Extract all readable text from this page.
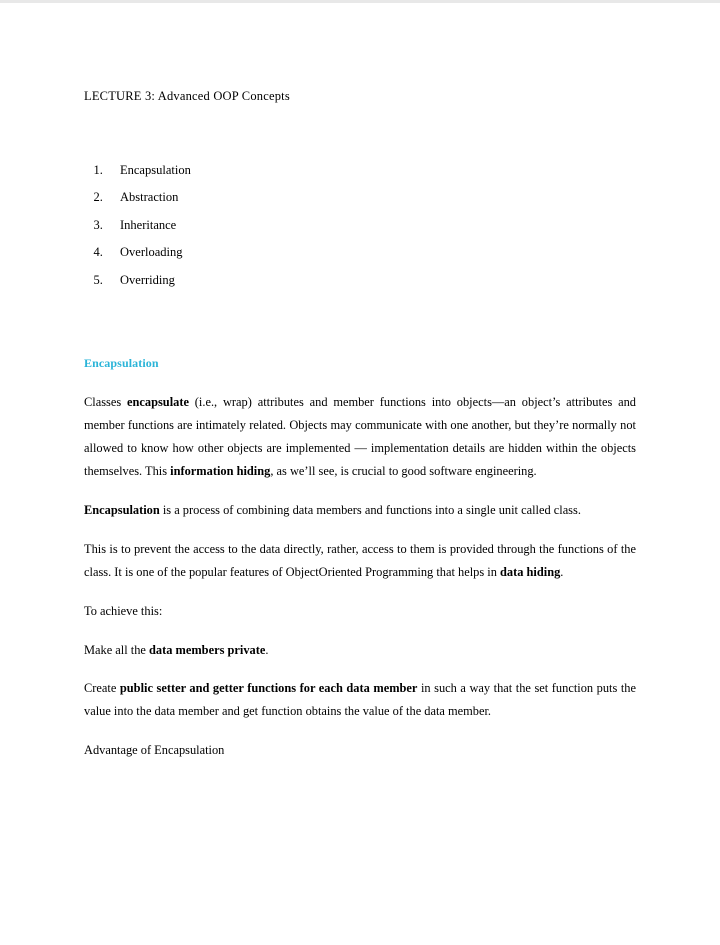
LECTURE 3: Advanced OOP Concepts
1. Encapsulation
2. Abstraction
3. Inheritance
4. Overloading
5. Overriding
Encapsulation

Classes encapsulate (i.e., wrap) attributes and member functions into objects—an object’s attributes and member functions are intimately related. Objects may communicate with one another, but they’re normally not allowed to know how other objects are implemented — implementation details are hidden within the objects themselves. This information hiding, as we’ll see, is crucial to good software engineering.

Encapsulation is a process of combining data members and functions into a single unit called class.

This is to prevent the access to the data directly, rather, access to them is provided through the functions of the class. It is one of the popular features of ObjectOriented Programming that helps in data hiding.

To achieve this:

Make all the data members private.

Create public setter and getter functions for each data member in such a way that the set function puts the value into the data member and get function obtains the value of the data member.

Advantage of Encapsulation
